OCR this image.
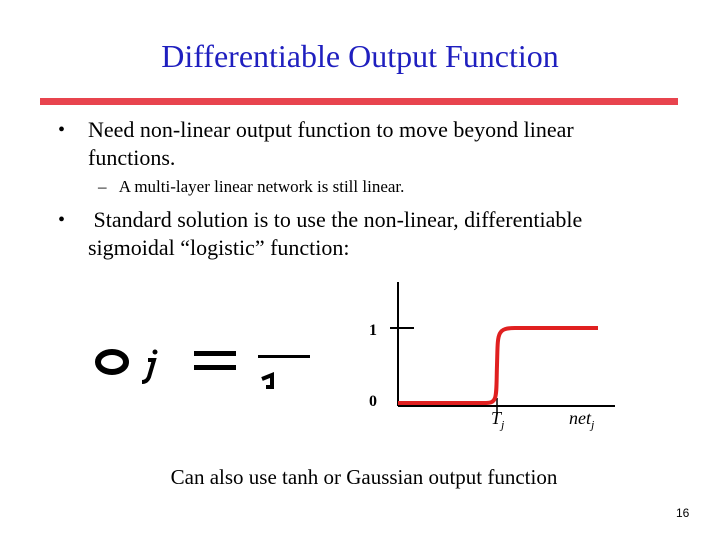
Differentiable Output Function
• Need non-linear output function to move beyond linear
functions.
– A multi-layer linear network is still linear.
• Standard solution is to use the non-linear, differentiable
sigmoidal “logistic” function:
1
0
$T_j$	net$_j$
Can also use tanh or Gaussian output function
16
